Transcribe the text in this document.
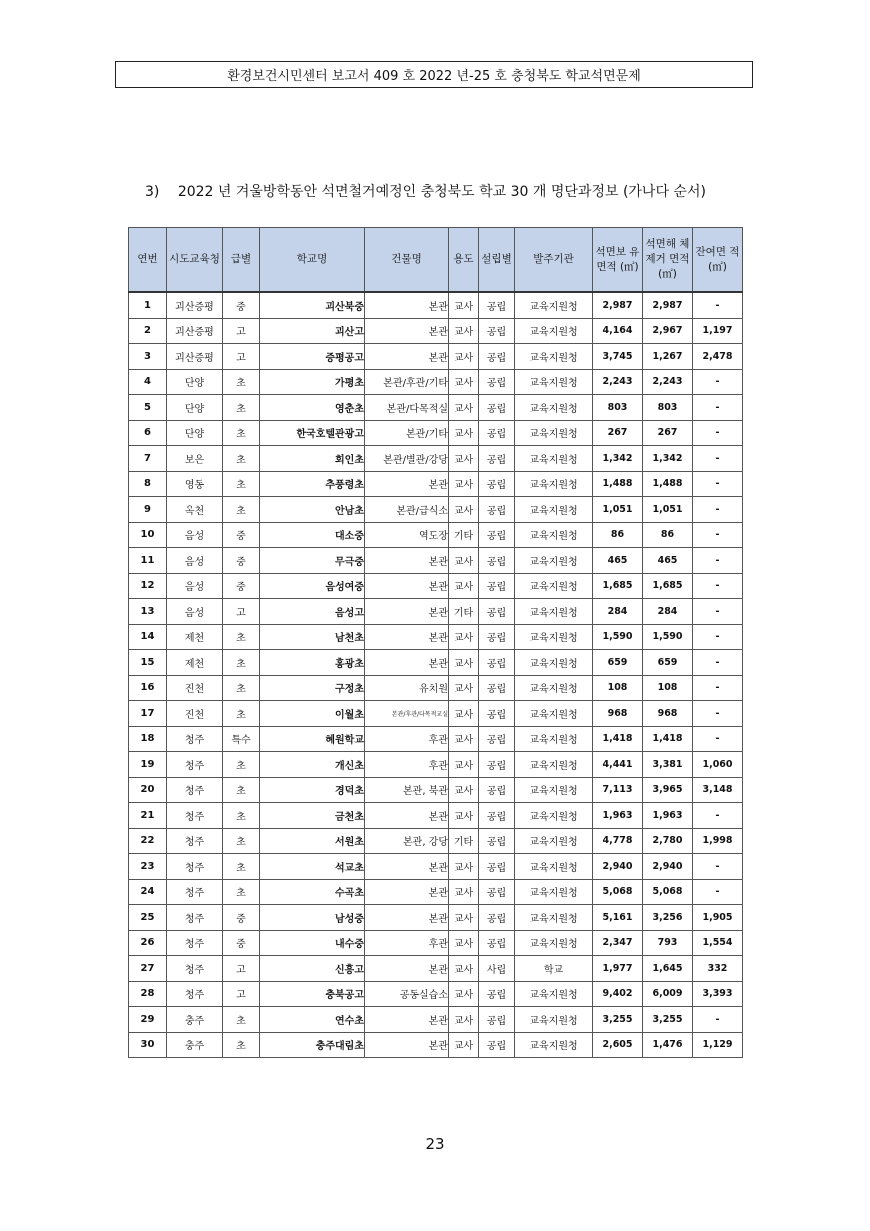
환경보건시민센터 보고서 409 호 2022 년-25 호 충청북도 학교석면문제
3) 2022 년 겨울방학동안 석면철거예정인 충청북도 학교 30 개 명단과정보 (가나다 순서)
연번	시도교육청	급별	학교명	건물명	용도	설립별	발주기관	석면보 유면적 (㎡)	석면해 체제거 면적(㎡)	잔여면 적(㎡)
1	괴산증평	중	괴산북중	본관	교사	공립	교육지원청	2,987	2,987	-
2	괴산증평	고	괴산고	본관	교사	공립	교육지원청	4,164	2,967	1,197
3	괴산증평	고	증평공고	본관	교사	공립	교육지원청	3,745	1,267	2,478
4	단양	초	가평초	본관/후관/기타	교사	공립	교육지원청	2,243	2,243	-
5	단양	초	영춘초	본관/다목적실	교사	공립	교육지원청	803	803	-
6	단양	초	한국호텔관광고	본관/기타	교사	공립	교육지원청	267	267	-
7	보은	초	회인초	본관/별관/강당	교사	공립	교육지원청	1,342	1,342	-
8	영동	초	추풍령초	본관	교사	공립	교육지원청	1,488	1,488	-
9	옥천	초	안남초	본관/급식소	교사	공립	교육지원청	1,051	1,051	-
10	음성	중	대소중	역도장	기타	공립	교육지원청	86	86	-
11	음성	중	무극중	본관	교사	공립	교육지원청	465	465	-
12	음성	중	음성여중	본관	교사	공립	교육지원청	1,685	1,685	-
13	음성	고	음성고	본관	기타	공립	교육지원청	284	284	-
14	제천	초	남천초	본관	교사	공립	교육지원청	1,590	1,590	-
15	제천	초	홍광초	본관	교사	공립	교육지원청	659	659	-
16	진천	초	구정초	유치원	교사	공립	교육지원청	108	108	-
17	진천	초	이월초	본관/후관/다목적교실	교사	공립	교육지원청	968	968	-
18	청주	특수	혜원학교	후관	교사	공립	교육지원청	1,418	1,418	-
19	청주	초	개신초	후관	교사	공립	교육지원청	4,441	3,381	1,060
20	청주	초	경덕초	본관, 북관	교사	공립	교육지원청	7,113	3,965	3,148
21	청주	초	금천초	본관	교사	공립	교육지원청	1,963	1,963	-
22	청주	초	서원초	본관, 강당	기타	공립	교육지원청	4,778	2,780	1,998
23	청주	초	석교초	본관	교사	공립	교육지원청	2,940	2,940	-
24	청주	초	수곡초	본관	교사	공립	교육지원청	5,068	5,068	-
25	청주	중	남성중	본관	교사	공립	교육지원청	5,161	3,256	1,905
26	청주	중	내수중	후관	교사	공립	교육지원청	2,347	793	1,554
27	청주	고	신흥고	본관	교사	사립	학교	1,977	1,645	332
28	청주	고	충북공고	공동실습소	교사	공립	교육지원청	9,402	6,009	3,393
29	충주	초	연수초	본관	교사	공립	교육지원청	3,255	3,255	-
30	충주	초	충주대림초	본관	교사	공립	교육지원청	2,605	1,476	1,129
23
